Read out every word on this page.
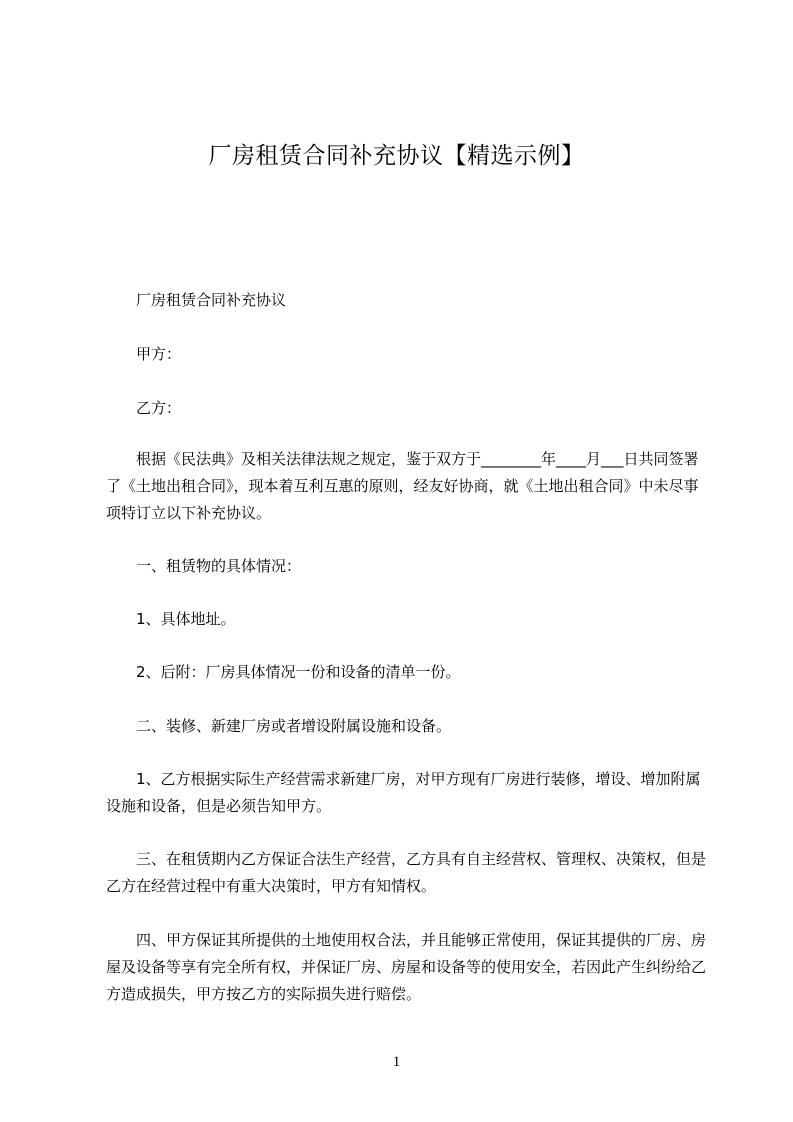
厂房租赁合同补充协议【精选示例】

厂房租赁合同补充协议

甲方：

乙方：

根据《民法典》及相关法律法规之规定，鉴于双方于________年____月___日共同签署了《土地出租合同》，现本着互利互惠的原则，经友好协商，就《土地出租合同》中未尽事项特订立以下补充协议。

一、租赁物的具体情况：

1、具体地址。

2、后附：厂房具体情况一份和设备的清单一份。

二、装修、新建厂房或者增设附属设施和设备。

1、乙方根据实际生产经营需求新建厂房，对甲方现有厂房进行装修，增设、增加附属设施和设备，但是必须告知甲方。

三、在租赁期内乙方保证合法生产经营，乙方具有自主经营权、管理权、决策权，但是乙方在经营过程中有重大决策时，甲方有知情权。

四、甲方保证其所提供的土地使用权合法，并且能够正常使用，保证其提供的厂房、房屋及设备等享有完全所有权，并保证厂房、房屋和设备等的使用安全，若因此产生纠纷给乙方造成损失，甲方按乙方的实际损失进行赔偿。

1
